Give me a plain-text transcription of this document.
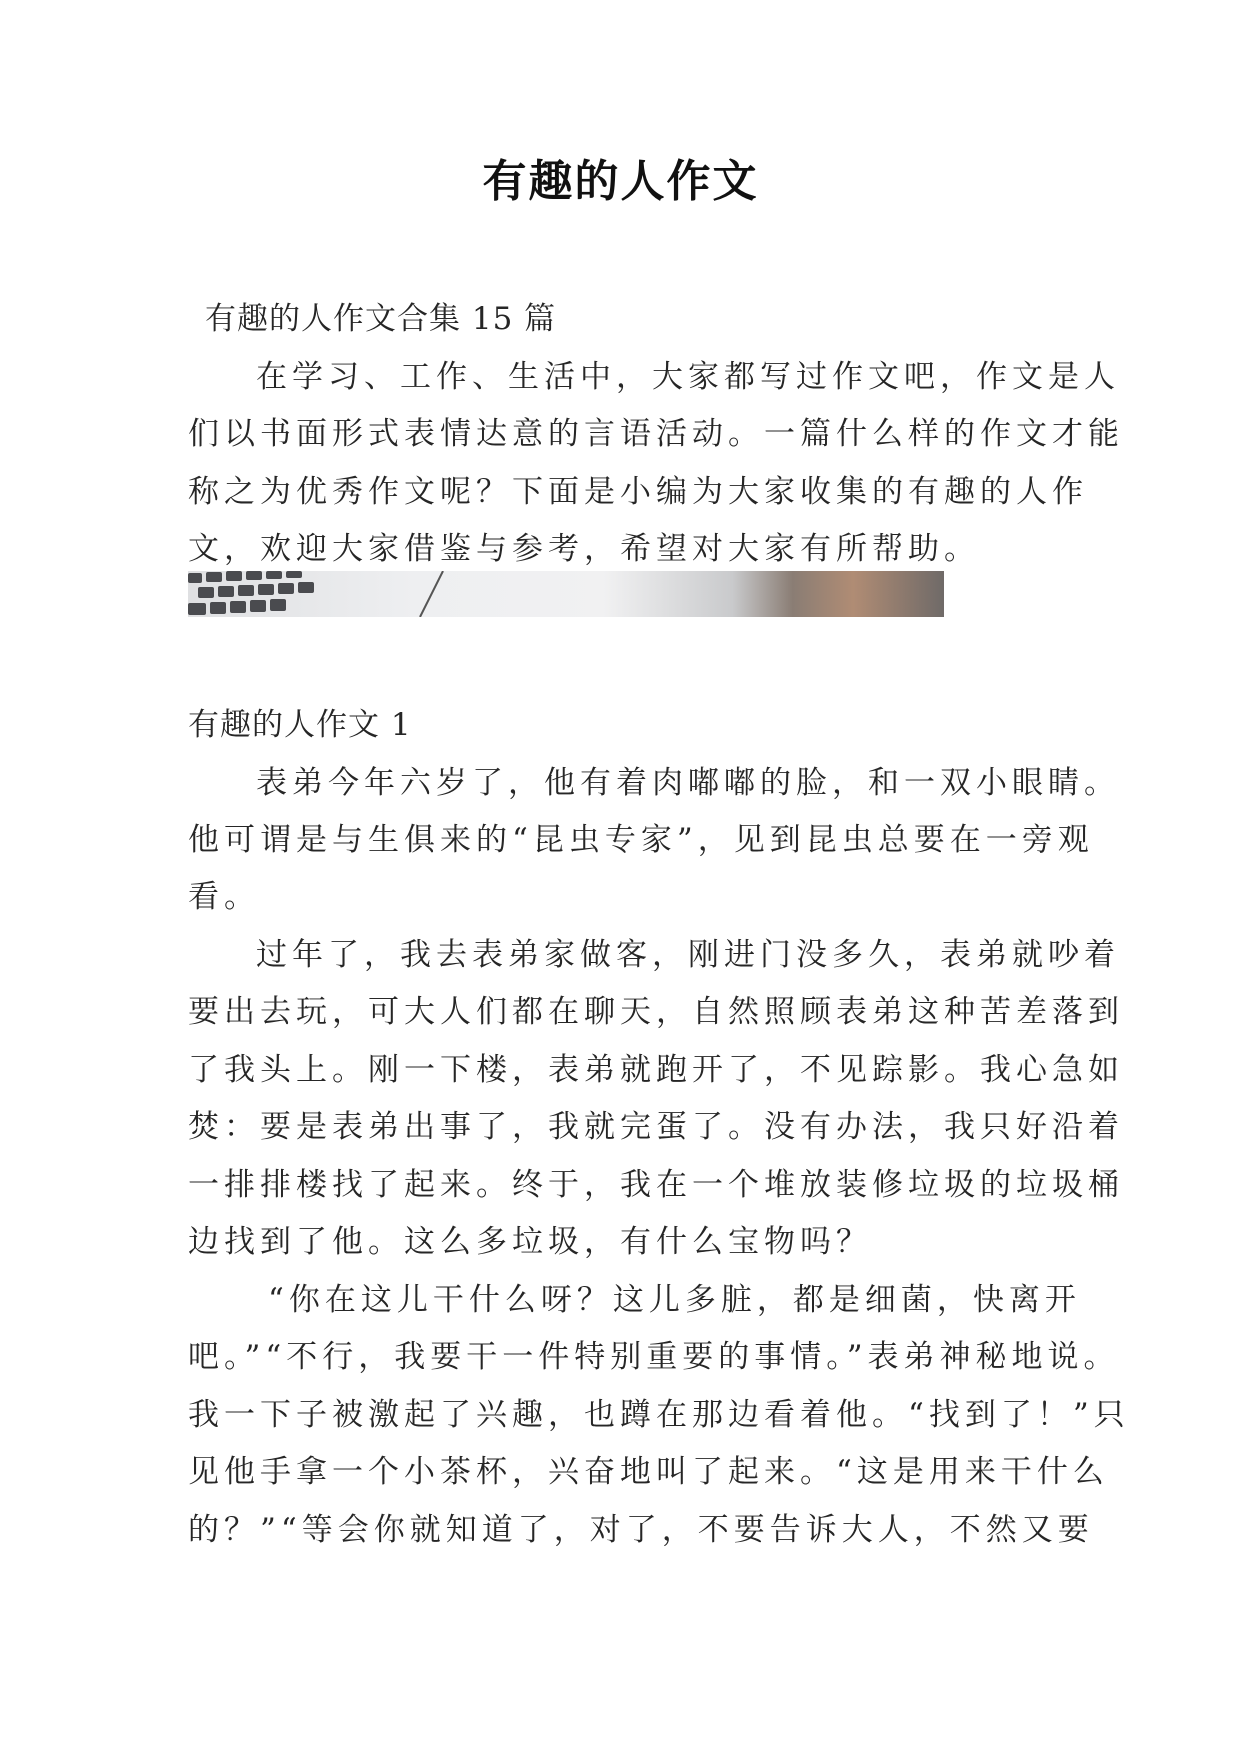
有趣的人作文
有趣的人作文合集 15 篇
在学习、工作、生活中，大家都写过作文吧，作文是人
们以书面形式表情达意的言语活动。一篇什么样的作文才能
称之为优秀作文呢？下面是小编为大家收集的有趣的人作
文，欢迎大家借鉴与参考，希望对大家有所帮助。
有趣的人作文 1
表弟今年六岁了，他有着肉嘟嘟的脸，和一双小眼睛。
他可谓是与生俱来的“昆虫专家”，见到昆虫总要在一旁观
看。
过年了，我去表弟家做客，刚进门没多久，表弟就吵着
要出去玩，可大人们都在聊天，自然照顾表弟这种苦差落到
了我头上。刚一下楼，表弟就跑开了，不见踪影。我心急如
焚：要是表弟出事了，我就完蛋了。没有办法，我只好沿着
一排排楼找了起来。终于，我在一个堆放装修垃圾的垃圾桶
边找到了他。这么多垃圾，有什么宝物吗？
“你在这儿干什么呀？这儿多脏，都是细菌，快离开
吧。”“不行，我要干一件特别重要的事情。”表弟神秘地说。
我一下子被激起了兴趣，也蹲在那边看着他。“找到了！”只
见他手拿一个小茶杯，兴奋地叫了起来。“这是用来干什么
的？”“等会你就知道了，对了，不要告诉大人，不然又要
